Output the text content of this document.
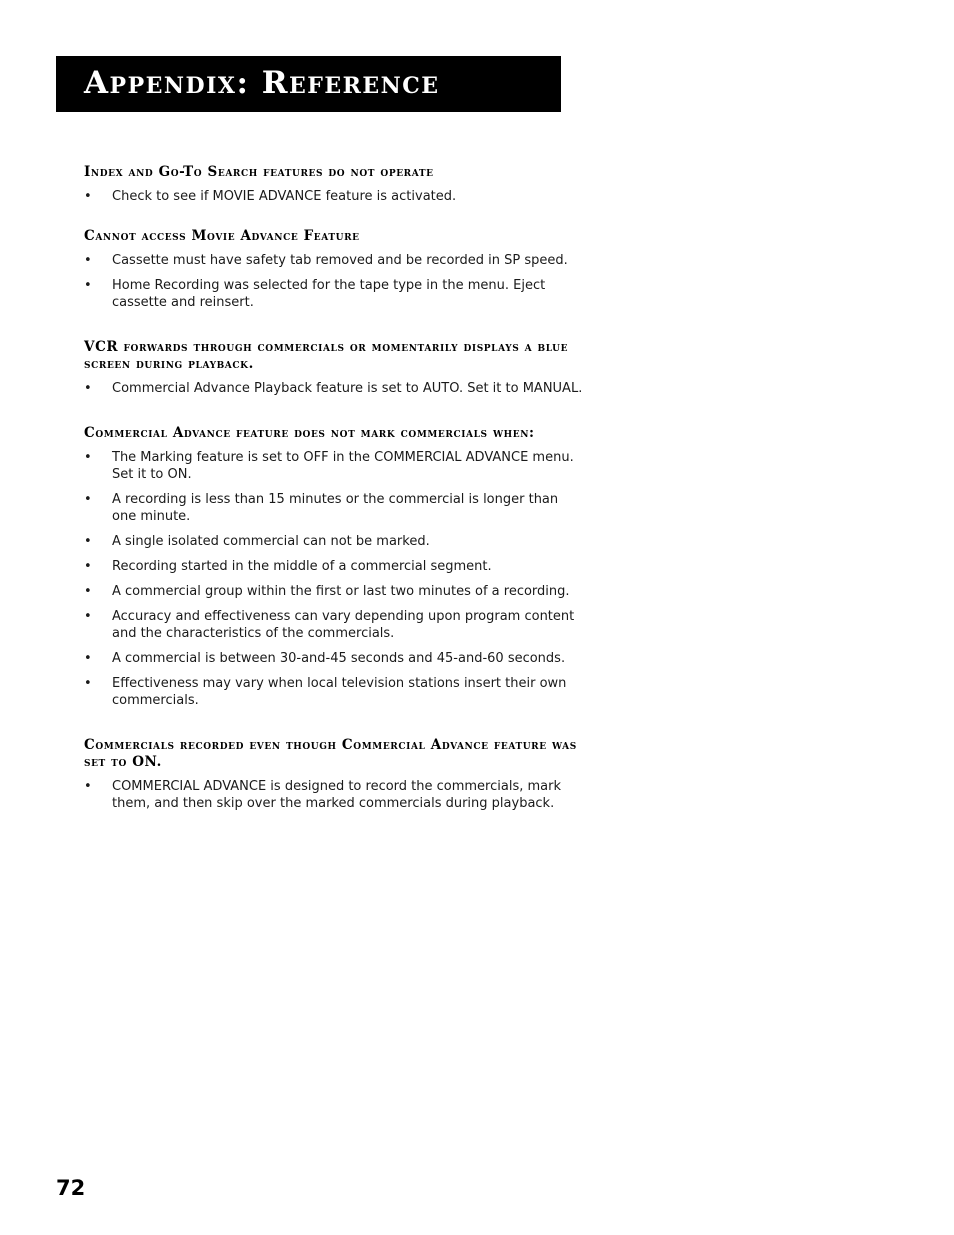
Appendix: Reference
Index and Go-To Search features do not operate
• Check to see if MOVIE ADVANCE feature is activated.
Cannot access Movie Advance Feature
• Cassette must have safety tab removed and be recorded in SP speed.
• Home Recording was selected for the tape type in the menu. Eject cassette and reinsert.
VCR forwards through commercials or momentarily displays a blue screen during playback.
• Commercial Advance Playback feature is set to AUTO. Set it to MANUAL.
Commercial Advance feature does not mark commercials when:
• The Marking feature is set to OFF in the COMMERCIAL ADVANCE menu. Set it to ON.
• A recording is less than 15 minutes or the commercial is longer than one minute.
• A single isolated commercial can not be marked.
• Recording started in the middle of a commercial segment.
• A commercial group within the first or last two minutes of a recording.
• Accuracy and effectiveness can vary depending upon program content and the characteristics of the commercials.
• A commercial is between 30-and-45 seconds and 45-and-60 seconds.
• Effectiveness may vary when local television stations insert their own commercials.
Commercials recorded even though Commercial Advance feature was set to ON.
• COMMERCIAL ADVANCE is designed to record the commercials, mark them, and then skip over the marked commercials during playback.
72
